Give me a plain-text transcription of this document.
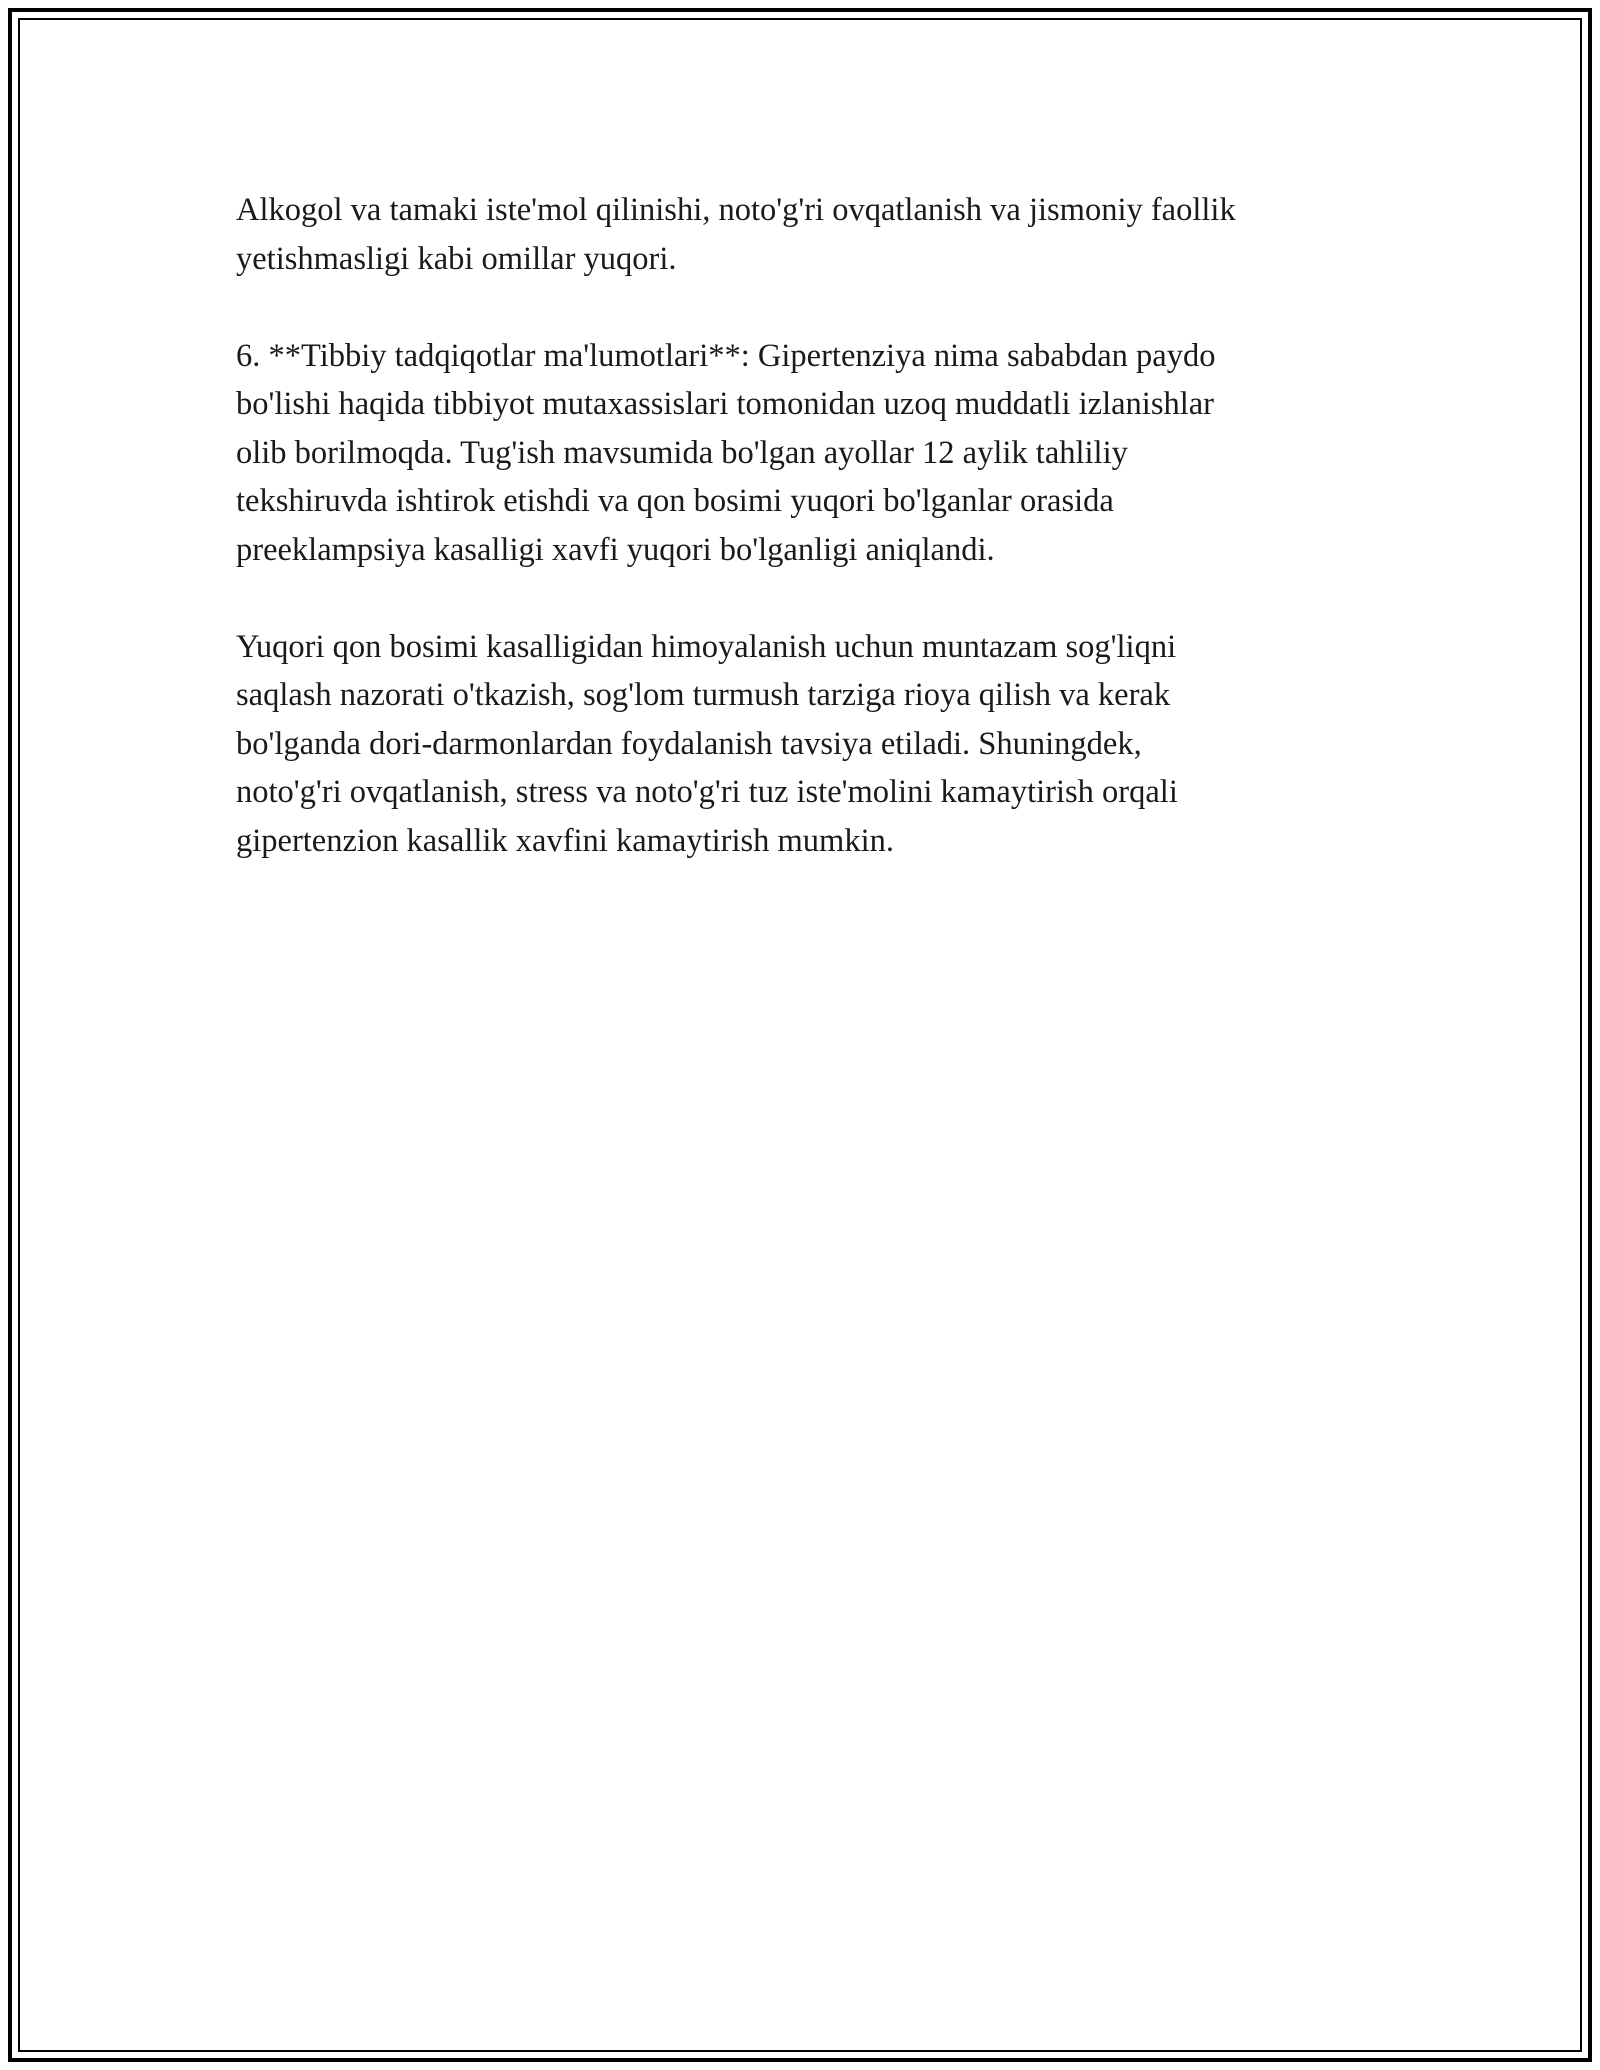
Alkogol va tamaki iste'mol qilinishi, noto'g'ri ovqatlanish va jismoniy faollik
yetishmasligi kabi omillar yuqori.

6. **Tibbiy tadqiqotlar ma'lumotlari**: Gipertenziya nima sababdan paydo
bo'lishi haqida tibbiyot mutaxassislari tomonidan uzoq muddatli izlanishlar
olib borilmoqda. Tug'ish mavsumida bo'lgan ayollar 12 aylik tahliliy
tekshiruvda ishtirok etishdi va qon bosimi yuqori bo'lganlar orasida
preeklampsiya kasalligi xavfi yuqori bo'lganligi aniqlandi.

Yuqori qon bosimi kasalligidan himoyalanish uchun muntazam sog'liqni
saqlash nazorati o'tkazish, sog'lom turmush tarziga rioya qilish va kerak
bo'lganda dori-darmonlardan foydalanish tavsiya etiladi. Shuningdek,
noto'g'ri ovqatlanish, stress va noto'g'ri tuz iste'molini kamaytirish orqali
gipertenzion kasallik xavfini kamaytirish mumkin.
